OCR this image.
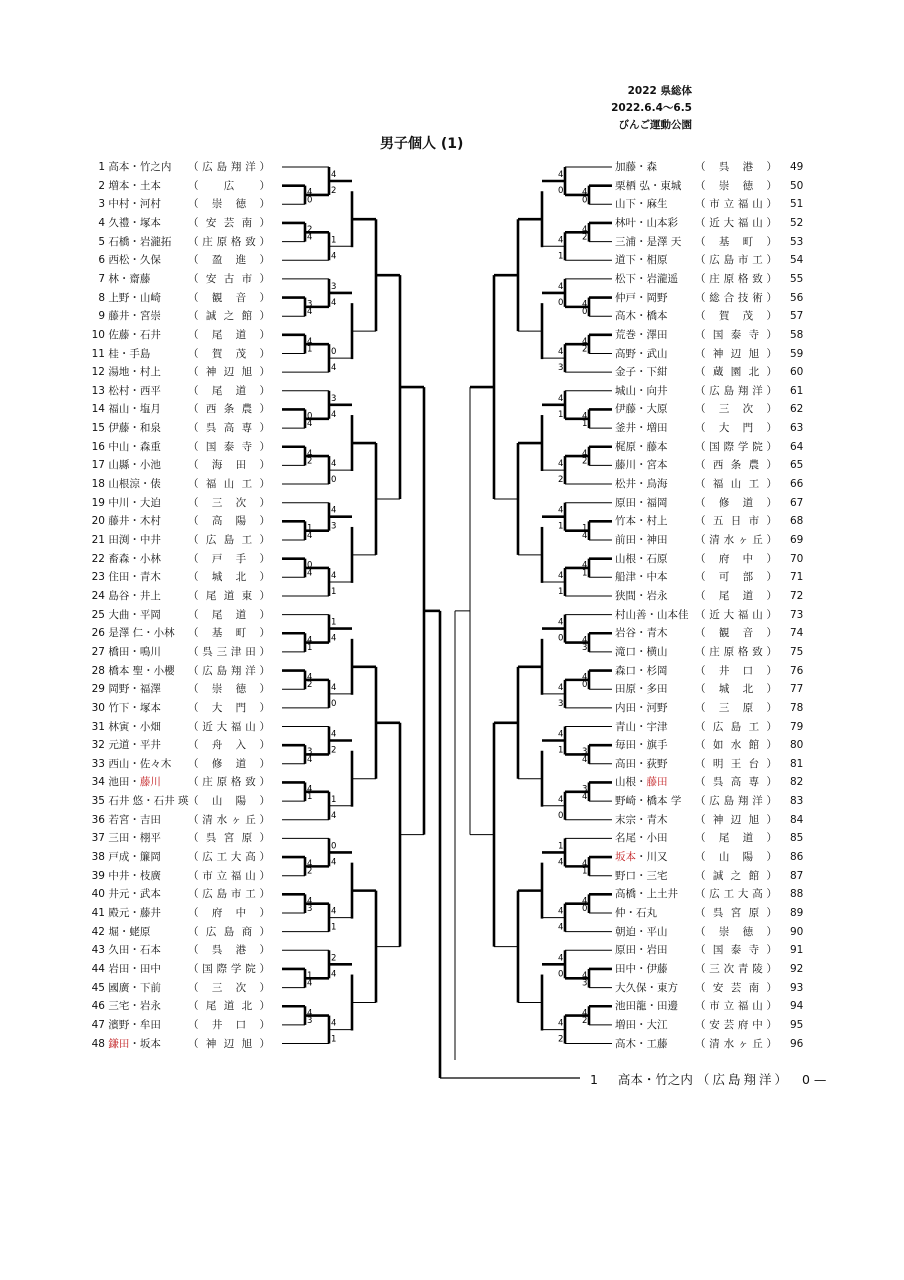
2022 県総体
2022.6.4～6.5
びんご運動公園
男子個人 (1)
1 高本・竹之内 （ 広 島 翔 洋 ）
2 増本・土本	（ 広 ）
3 中村・河村	（ 崇 徳 ）
4 久禮・塚本	（ 安 芸 南 ）
5 石橋・岩瀧拓 （ 庄 原 格 致 ）
6 西松・久保	（ 盈 進 ）
7 林・齋藤	（ 安 古 市 ）
8 上野・山崎	（ 観 音 ）
9 藤井・宮崇	（ 誠 之 館 ）
10 佐藤・石井	（ 尾 道 ）
11 桂・手島	（ 賀 茂 ）
12 湯地・村上	（ 神 辺 旭 ）
13 松村・西平	（ 尾 道 ）
14 福山・塩月	（ 西 条 農 ）
15 伊藤・和泉	（ 呉 高 専 ）
16 中山・森重	（ 国 泰 寺 ）
17 山縣・小池	（ 海 田 ）
18 山根涼・俵	（ 福 山 工 ）
19 中川・大迫	（ 三 次 ）
20 藤井・木村	（ 高 陽 ）
21 田渕・中井	（ 広 島 工 ）
22 畜森・小林	（ 戸 手 ）
23 住田・青木	（ 城 北 ）
24 島谷・井上	（ 尾 道 東 ）
25 大曲・平岡	（ 尾 道 ）
26 是澤 仁・小林 （ 基 町 ）
27 橋田・鳴川	（ 呉 三 津 田 ）
28 橋本 聖・小櫻 （ 広 島 翔 洋 ）
29 岡野・福澤	（ 崇 徳 ）
30 竹下・塚本	（ 大 門 ）
31 林寅・小畑	（ 近 大 福 山 ）
32 元道・平井	（ 舟 入 ）
33 西山・佐々木 （ 修 道 ）
34 池田・藤川	（ 庄 原 格 致 ）
35 石井 悠・石井 瑛 （ 山 陽 ）
36 若宮・吉田	（ 清 水 ヶ 丘 ）
37 三田・栩平	（ 呉 宮 原 ）
38 戸成・簾岡	（ 広 工 大 高 ）
39 中井・枝廣	（ 市 立 福 山 ）
40 井元・武本	（ 広 島 市 工 ）
41 殿元・藤井	（ 府 中 ）
42 堀・蛯原	（ 広 島 商 ）
43 久田・石本	（ 呉 港 ）
44 岩田・田中	（ 国 際 学 院 ）
45 國廣・下前	（ 三 次 ）
46 三宅・岩永	（ 尾 道 北 ）
47 濱野・牟田	（ 井 口 ）
48 鎌田・坂本	（ 神 辺 旭 ）
加藤・森	（ 呉 港 ） 49
栗栖 弘・東城 （ 崇 徳 ） 50
山下・麻生	（ 市 立 福 山 ） 51
林叶・山本彩 （ 近 大 福 山 ） 52
三浦・是澤 天 （ 基 町 ） 53
道下・相原	（ 広 島 市 工 ） 54
松下・岩瀧遥 （ 庄 原 格 致 ） 55
仲戸・岡野	（ 総 合 技 術 ） 56
高木・橋本	（ 賀 茂 ） 57
荒巻・澤田	（ 国 泰 寺 ） 58
高野・武山	（ 神 辺 旭 ） 59
金子・下紺	（ 蔵 園 北 ） 60
城山・向井	（ 広 島 翔 洋 ） 61
伊藤・大原	（ 三 次 ） 62
釜井・増田	（ 大 門 ） 63
梶原・藤本	（ 国 際 学 院 ） 64
藤川・宮本	（ 西 条 農 ） 65
松井・鳥海	（ 福 山 工 ） 66
原田・福岡	（ 修 道 ） 67
竹本・村上	（ 五 日 市 ） 68
前田・神田	（ 清 水 ヶ 丘 ） 69
山根・石原	（ 府 中 ） 70
船津・中本	（ 可 部 ） 71
狭間・岩永	（ 尾 道 ） 72
村山善・山本佳 （ 近 大 福 山 ） 73
岩谷・青木	（ 観 音 ） 74
滝口・横山	（ 庄 原 格 致 ） 75
森口・杉岡	（ 井 口 ） 76
田原・多田	（ 城 北 ） 77
内田・河野	（ 三 原 ） 78
青山・宇津	（ 広 島 工 ） 79
毎田・旗手	（ 如 水 館 ） 80
高田・荻野	（ 明 王 台 ） 81
山根・藤田	（ 呉 高 専 ） 82
野崎・橋本 学 （ 広 島 翔 洋 ） 83
末宗・青木	（ 神 辺 旭 ） 84
名尾・小田	（ 尾 道 ） 85
坂本・川又	（ 山 陽 ） 86
野口・三宅	（ 誠 之 館 ） 87
高橋・上土井 （ 広 工 大 高 ） 88
仲・石丸	（ 呉 宮 原 ） 89
朝迫・平山	（ 崇 徳 ） 90
原田・岩田	（ 国 泰 寺 ） 91
田中・伊藤	（ 三 次 青 陵 ） 92
大久保・東方 （ 安 芸 南 ） 93
池田龍・田邊 （ 市 立 福 山 ） 94
増田・大江	（ 安 芸 府 中 ） 95
高木・工藤	（ 清 水 ヶ 丘 ） 96
4
0
4
2
2
4 1
4
3
4
3
4
4
1 0
4
0
4
3
4
4
2 4
0
1
4
4
3
0
4 4
1
4
1
1
4
4
2 4
0
3
4
4
2
4
1 1
4
4
2
0
4
4
3 4
1
1
4
2
4
4
3 4
1
4
0
4
0
4
2
4
1
4
0
4
0
4
2
4
3
4
1
4
1
4
2
4
2
1
4
4
1
4
1
4
1
4
3
4
0
4
0
4
3
3
4
4
1
3
4
4
0
4
1
1
4
4
0
4
4
4
3
4
0
4
2
4
2
1 高本・竹之内 （広島翔洋） 0 —
